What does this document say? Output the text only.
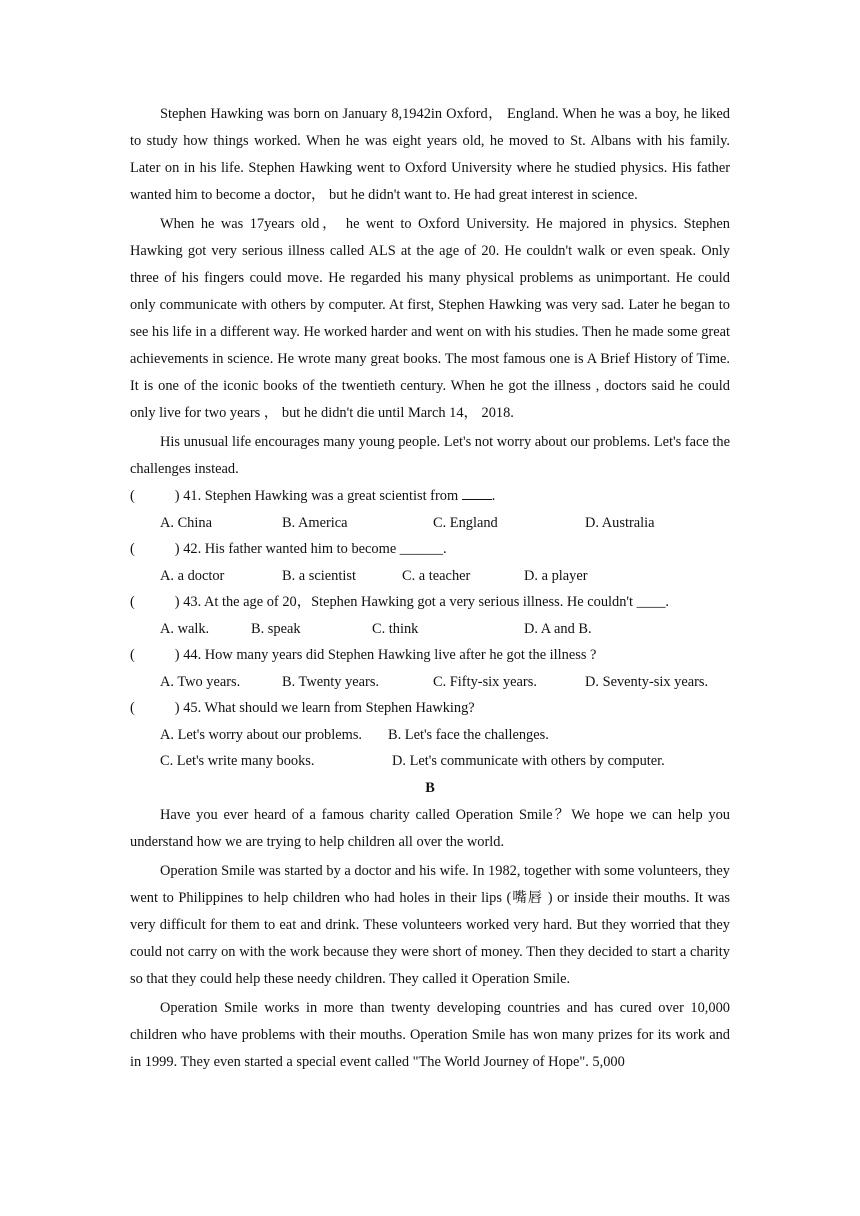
Stephen Hawking was born on January 8,1942in Oxford， England. When he was a boy, he liked to study how things worked. When he was eight years old, he moved to St. Albans with his family. Later on in his life. Stephen Hawking went to Oxford University where he studied physics. His father wanted him to become a doctor， but he didn't want to. He had great interest in science.

When he was 17years old， he went to Oxford University. He majored in physics. Stephen Hawking got very serious illness called ALS at the age of 20. He couldn't walk or even speak. Only three of his fingers could move. He regarded his many physical problems as unimportant. He could only communicate with others by computer. At first, Stephen Hawking was very sad. Later he began to see his life in a different way. He worked harder and went on with his studies. Then he made some great achievements in science. He wrote many great books. The most famous one is A Brief History of Time. It is one of the iconic books of the twentieth century. When he got the illness , doctors said he could only live for two years ， but he didn't die until March 14， 2018.

His unusual life encourages many young people. Let's not worry about our problems. Let's face the challenges instead.

(	) 41. Stephen Hawking was a great scientist from .
A. China	B. America	C. England	D. Australia
(	) 42. His father wanted him to become ______.
A. a doctor	B. a scientist	C. a teacher	D. a player
(	) 43. At the age of 20，Stephen Hawking got a very serious illness. He couldn't ____.
A. walk.	B. speak	C. think	D. A and B.
(	) 44. How many years did Stephen Hawking live after he got the illness ?
A. Two years.	B. Twenty years.	C. Fifty-six years.	D. Seventy-six years.
(	) 45. What should we learn from Stephen Hawking?
A. Let's worry about our problems. B. Let's face the challenges.
C. Let's write many books.	D. Let's communicate with others by computer.
B

Have you ever heard of a famous charity called Operation Smile？We hope we can help you understand how we are trying to help children all over the world.

Operation Smile was started by a doctor and his wife. In 1982, together with some volunteers, they went to Philippines to help children who had holes in their lips (嘴唇 ) or inside their mouths. It was very difficult for them to eat and drink. These volunteers worked very hard. But they worried that they could not carry on with the work because they were short of money. Then they decided to start a charity so that they could help these needy children. They called it Operation Smile.

Operation Smile works in more than twenty developing countries and has cured over 10,000 children who have problems with their mouths. Operation Smile has won many prizes for its work and in 1999. They even started a special event called "The World Journey of Hope". 5,000
